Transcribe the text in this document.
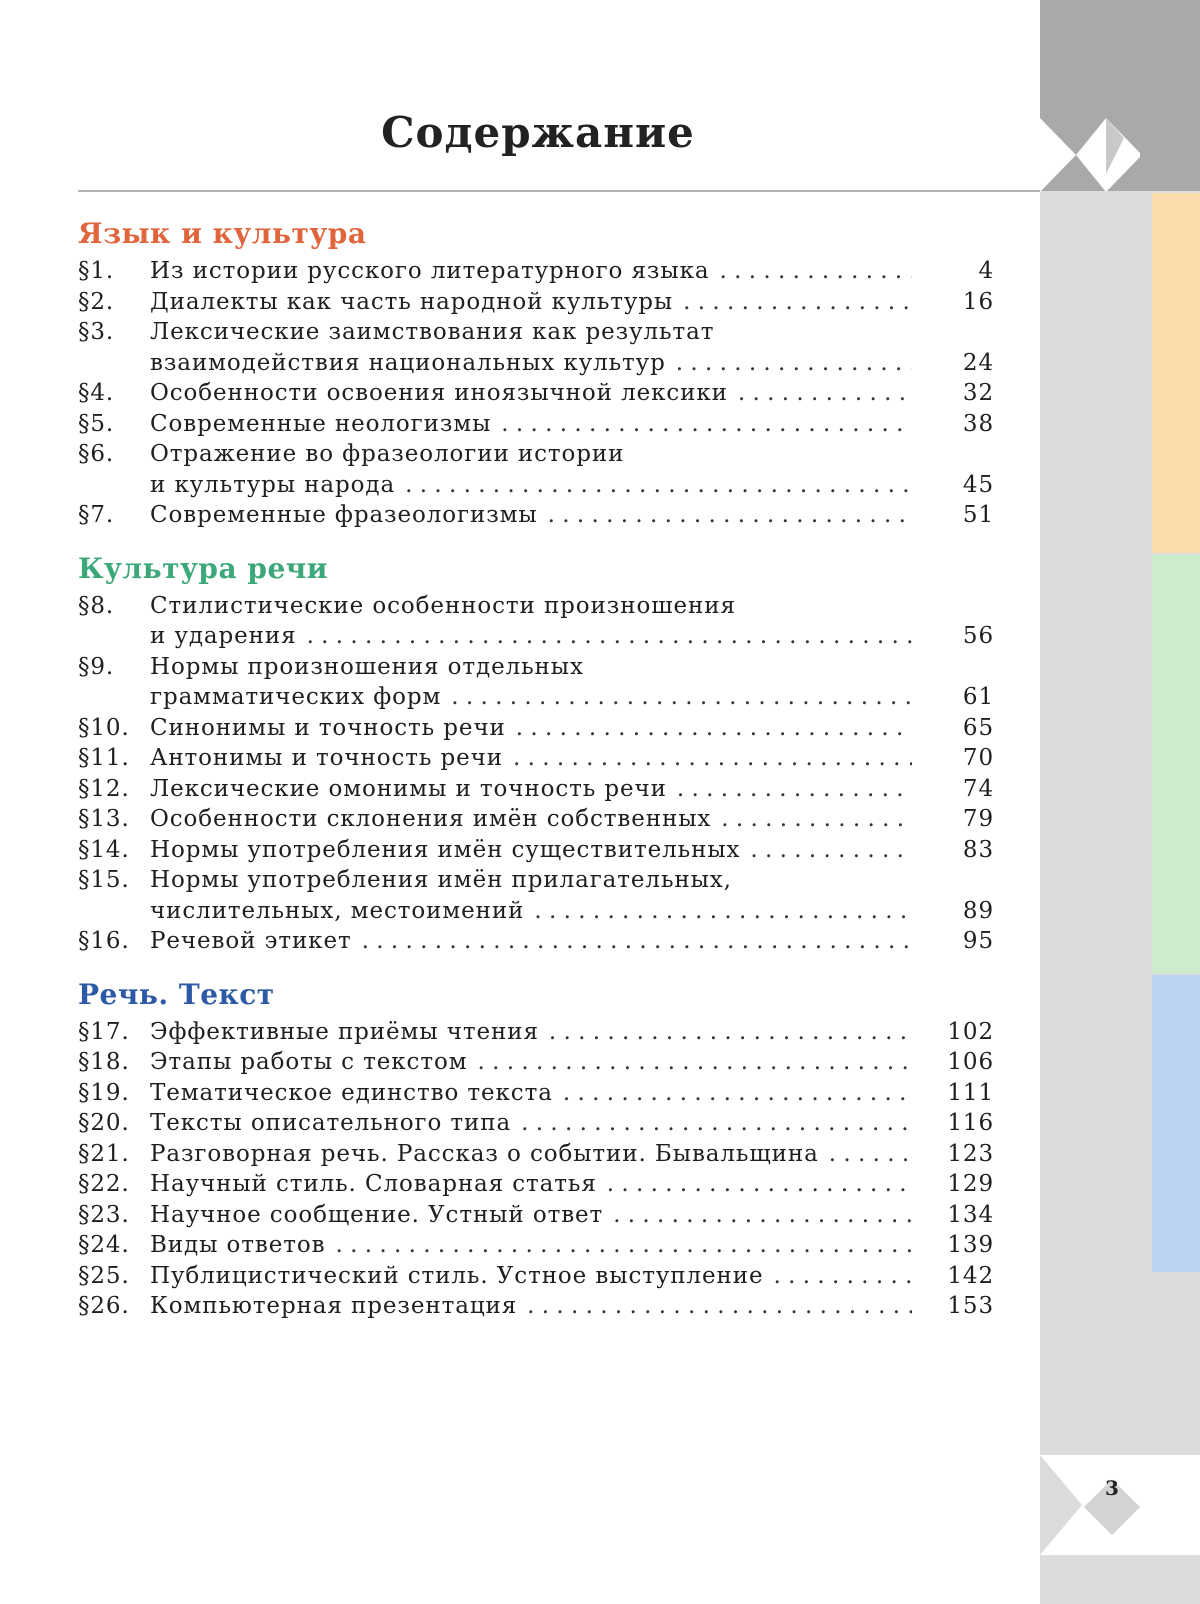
3
Содержание
Язык и культура
§1.	Из истории русского литературного языка . . .	4
§2.	Диалекты как часть народной культуры . . .	16
§3.	Лексические заимствования как результат
взаимодействия национальных культур . . .	24
§4.	Особенности освоения иноязычной лексики . . .	32
§5.	Современные неологизмы . . .	38
§6.	Отражение во фразеологии истории
и культуры народа . . .	45
§7.	Современные фразеологизмы . . .	51
Культура речи
§8.	Стилистические особенности произношения
и ударения . . .	56
§9.	Нормы произношения отдельных
грамматических форм . . .	61
§10. Синонимы и точность речи . . .	65
§11. Антонимы и точность речи . . .	70
§12. Лексические омонимы и точность речи . . .	74
§13. Особенности склонения имён собственных . . .	79
§14. Нормы употребления имён существительных . . .	83
§15. Нормы употребления имён прилагательных,
числительных, местоимений . . .	89
§16. Речевой этикет . . .	95
Речь. Текст
§17. Эффективные приёмы чтения . . .	102
§18. Этапы работы с текстом . . .	106
§19. Тематическое единство текста . . .	111
§20. Тексты описательного типа . . .	116
§21. Разговорная речь. Рассказ о событии. Бывальщина . . .	123
§22. Научный стиль. Словарная статья . . .	129
§23. Научное сообщение. Устный ответ . . .	134
§24. Виды ответов . . .	139
§25. Публицистический стиль. Устное выступление . . .	142
§26. Компьютерная презентация . . .	153
